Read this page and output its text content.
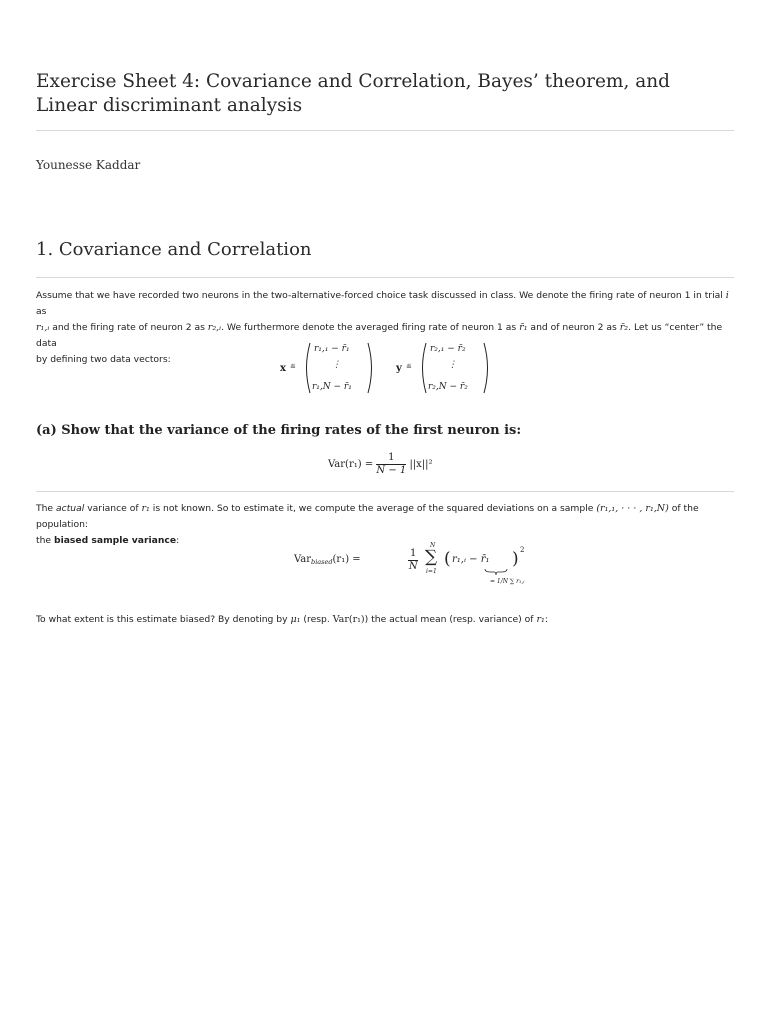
Exercise Sheet 4: Covariance and Correlation, Bayes’ theorem, and Linear discriminant analysis
Younesse Kaddar
1. Covariance and Correlation

Assume that we have recorded two neurons in the two-alternative-forced choice task discussed in class. We denote the firing rate of neuron 1 in trial i as
r₁,ᵢ and the firing rate of neuron 2 as r₂,ᵢ. We furthermore denote the averaged firing rate of neuron 1 as r̄₁ and of neuron 2 as r̄₂. Let us “center” the data
by defining two data vectors:

x ≝
r₁,₁ − r̄₁
⋮
r₁,N − r̄₁
y ≝
r₂,₁ − r̄₂
⋮
r₂,N − r̄₂
(a) Show that the variance of the firing rates of the first neuron is:
$Var(r_1) = \frac{1}{N - 1} ||x||^2$

The actual variance of r₁ is not known. So to estimate it, we compute the average of the squared deviations on a sample (r₁,₁, · · · , r₁,N) of the population:
the biased sample variance:

Var$_{biased}$(r₁) =	$\frac{1}{N}$
N
∑
i=1
( r₁,ᵢ − r̄₁ ) 2
= 1/N ∑ r₁,ᵢ

To what extent is this estimate biased? By denoting by μ₁ (resp. Var(r₁)) the actual mean (resp. variance) of r₁:
